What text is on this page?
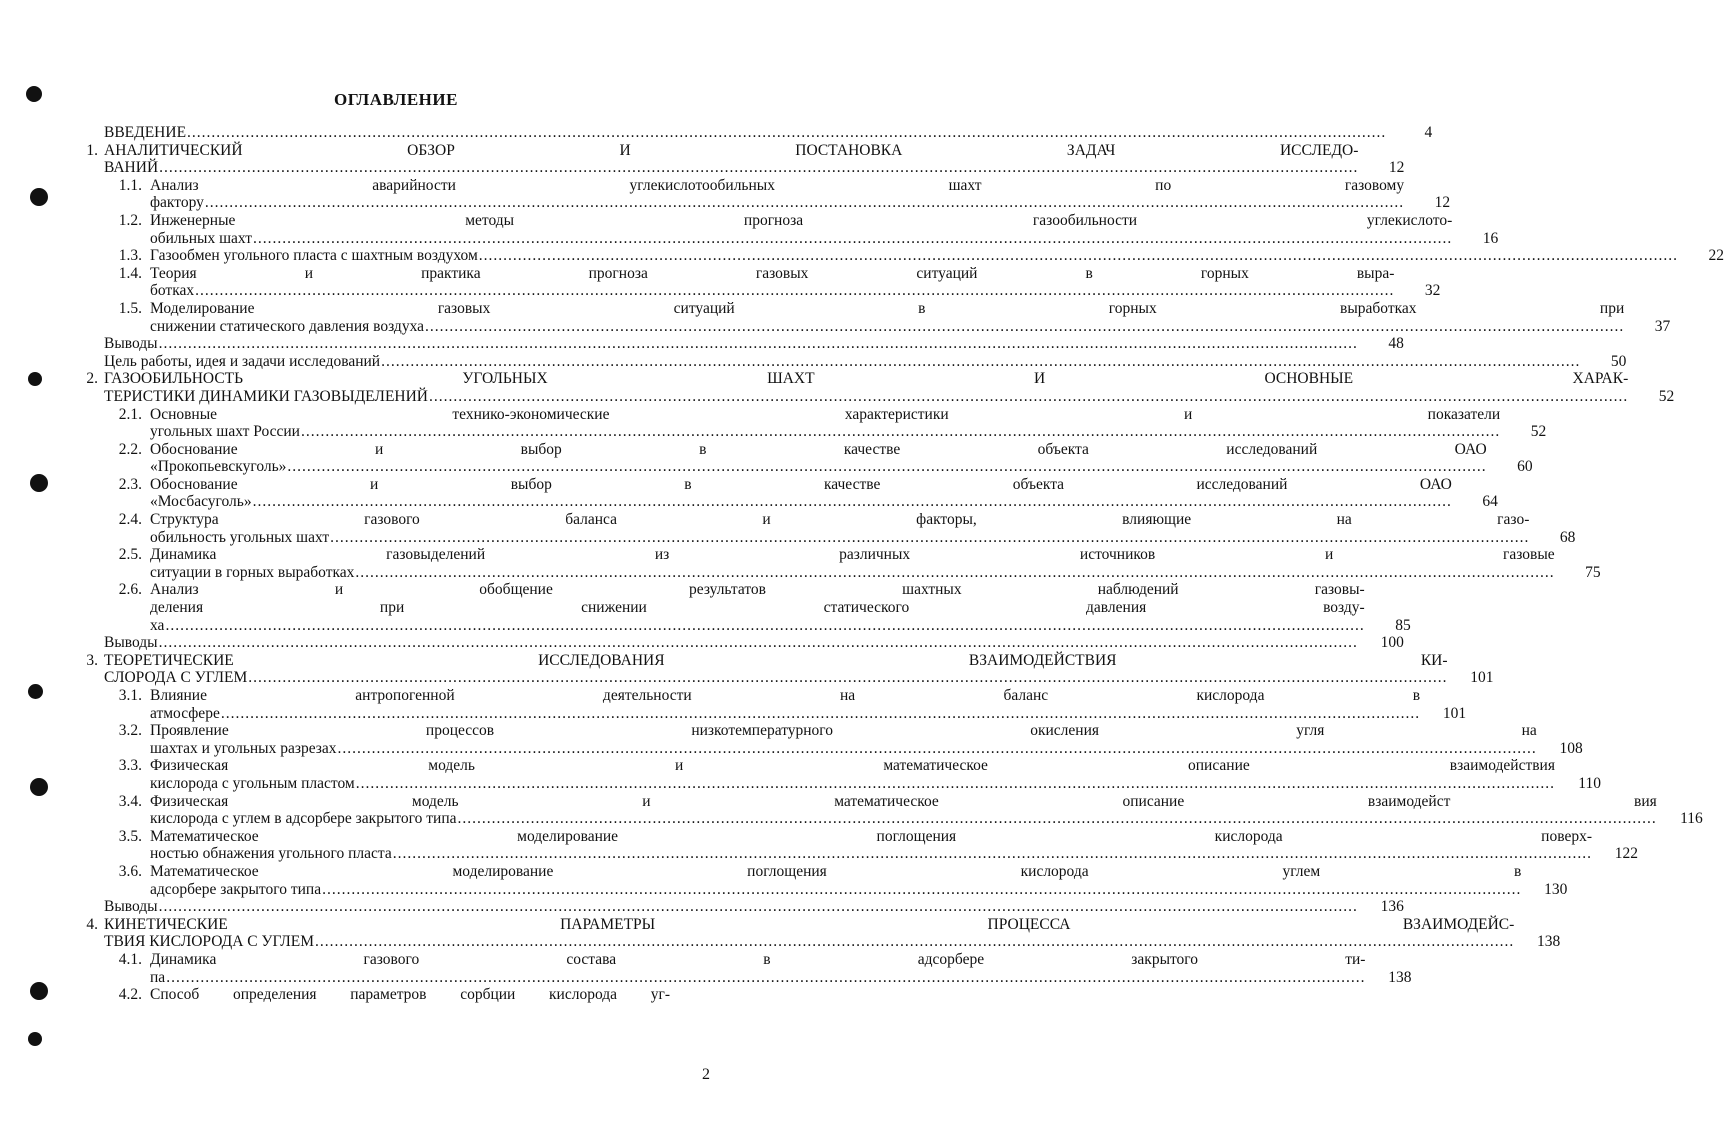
ОГЛАВЛЕНИЕ
ВВЕДЕНИЕ .....	4
1. АНАЛИТИЧЕСКИЙ ОБЗОР И ПОСТАНОВКА ЗАДАЧ ИССЛЕДО-
ВАНИЙ .....	12
1.1. Анализ аварийности углекислотообильных шахт по газовому
фактору .....	12
1.2. Инженерные методы прогноза газообильности углекислото-
обильных шахт .....	16
1.3. Газообмен угольного пласта с шахтным воздухом .....	22
1.4. Теория и практика прогноза газовых ситуаций в горных выра-
ботках .....	32
1.5. Моделирование газовых ситуаций в горных выработках при
снижении статического давления воздуха .....	37
Выводы .....	48
Цель работы, идея и задачи исследований .....	50
2. ГАЗООБИЛЬНОСТЬ УГОЛЬНЫХ ШАХТ И ОСНОВНЫЕ ХАРАК-
ТЕРИСТИКИ ДИНАМИКИ ГАЗОВЫДЕЛЕНИЙ .....	52
2.1. Основные технико-экономические характеристики и показатели
угольных шахт России .....	52
2.2. Обоснование и выбор в качестве объекта исследований ОАО
«Прокопьевскуголь» .....	60
2.3. Обоснование и выбор в качестве объекта исследований ОАО
«Мосбасуголь» .....	64
2.4. Структура газового баланса и факторы, влияющие на газо-
обильность угольных шахт .....	68
2.5. Динамика газовыделений из различных источников и газовые
ситуации в горных выработках .....	75
2.6. Анализ и обобщение результатов шахтных наблюдений газовы-
деления при снижении статического давления возду-
ха .....	85
Выводы .....	100
3. ТЕОРЕТИЧЕСКИЕ ИССЛЕДОВАНИЯ ВЗАИМОДЕЙСТВИЯ КИ-
СЛОРОДА С УГЛЕМ .....	101
3.1. Влияние антропогенной деятельности на баланс кислорода в
атмосфере .....	101
3.2. Проявление процессов низкотемпературного окисления угля на
шахтах и угольных разрезах .....	108
3.3. Физическая модель и математическое описание взаимодействия
кислорода с угольным пластом .....	110
3.4. Физическая модель и математическое описание взаимодейст вия
кислорода с углем в адсорбере закрытого типа .....	116
3.5. Математическое моделирование поглощения кислорода поверх-
ностью обнажения угольного пласта .....	122
3.6. Математическое моделирование поглощения кислорода углем в
адсорбере закрытого типа .....	130
Выводы .....	136
4. КИНЕТИЧЕСКИЕ ПАРАМЕТРЫ ПРОЦЕССА ВЗАИМОДЕЙС-
ТВИЯ КИСЛОРОДА С УГЛЕМ .....	138
4.1. Динамика газового состава в адсорбере закрытого ти-
па .....	138
4.2. Способ определения параметров сорбции кислорода уг-
2
